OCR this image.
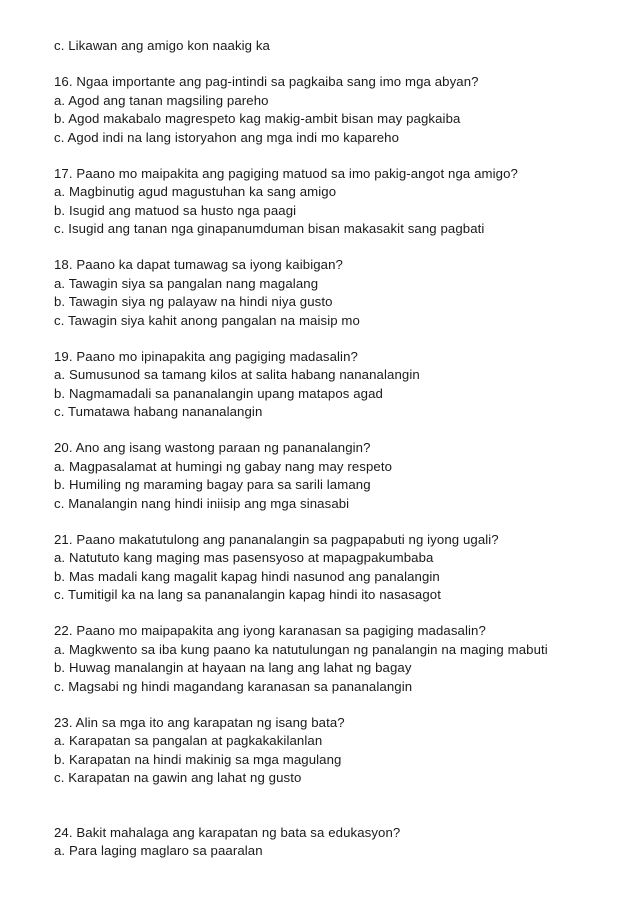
c. Likawan ang amigo kon naakig ka
16. Ngaa importante ang pag-intindi sa pagkaiba sang imo mga abyan?
a. Agod ang tanan magsiling pareho
b. Agod makabalo magrespeto kag makig-ambit bisan may pagkaiba
c. Agod indi na lang istoryahon ang mga indi mo kapareho
17. Paano mo maipakita ang pagiging matuod sa imo pakig-angot nga amigo?
a. Magbinutig agud magustuhan ka sang amigo
b. Isugid ang matuod sa husto nga paagi
c. Isugid ang tanan nga ginapanumduman bisan makasakit sang pagbati
18. Paano ka dapat tumawag sa iyong kaibigan?
a. Tawagin siya sa pangalan nang magalang
b. Tawagin siya ng palayaw na hindi niya gusto
c. Tawagin siya kahit anong pangalan na maisip mo
19. Paano mo ipinapakita ang pagiging madasalin?
a. Sumusunod sa tamang kilos at salita habang nananalangin
b. Nagmamadali sa pananalangin upang matapos agad
c. Tumatawa habang nananalangin
20. Ano ang isang wastong paraan ng pananalangin?
a. Magpasalamat at humingi ng gabay nang may respeto
b. Humiling ng maraming bagay para sa sarili lamang
c. Manalangin nang hindi iniisip ang mga sinasabi
21. Paano makatutulong ang pananalangin sa pagpapabuti ng iyong ugali?
a. Natututo kang maging mas pasensyoso at mapagpakumbaba
b. Mas madali kang magalit kapag hindi nasunod ang panalangin
c. Tumitigil ka na lang sa pananalangin kapag hindi ito nasasagot
22. Paano mo maipapakita ang iyong karanasan sa pagiging madasalin?
a. Magkwento sa iba kung paano ka natutulungan ng panalangin na maging mabuti
b. Huwag manalangin at hayaan na lang ang lahat ng bagay
c. Magsabi ng hindi magandang karanasan sa pananalangin
23. Alin sa mga ito ang karapatan ng isang bata?
a. Karapatan sa pangalan at pagkakakilanlan
b. Karapatan na hindi makinig sa mga magulang
c. Karapatan na gawin ang lahat ng gusto
24. Bakit mahalaga ang karapatan ng bata sa edukasyon?
a. Para laging maglaro sa paaralan
